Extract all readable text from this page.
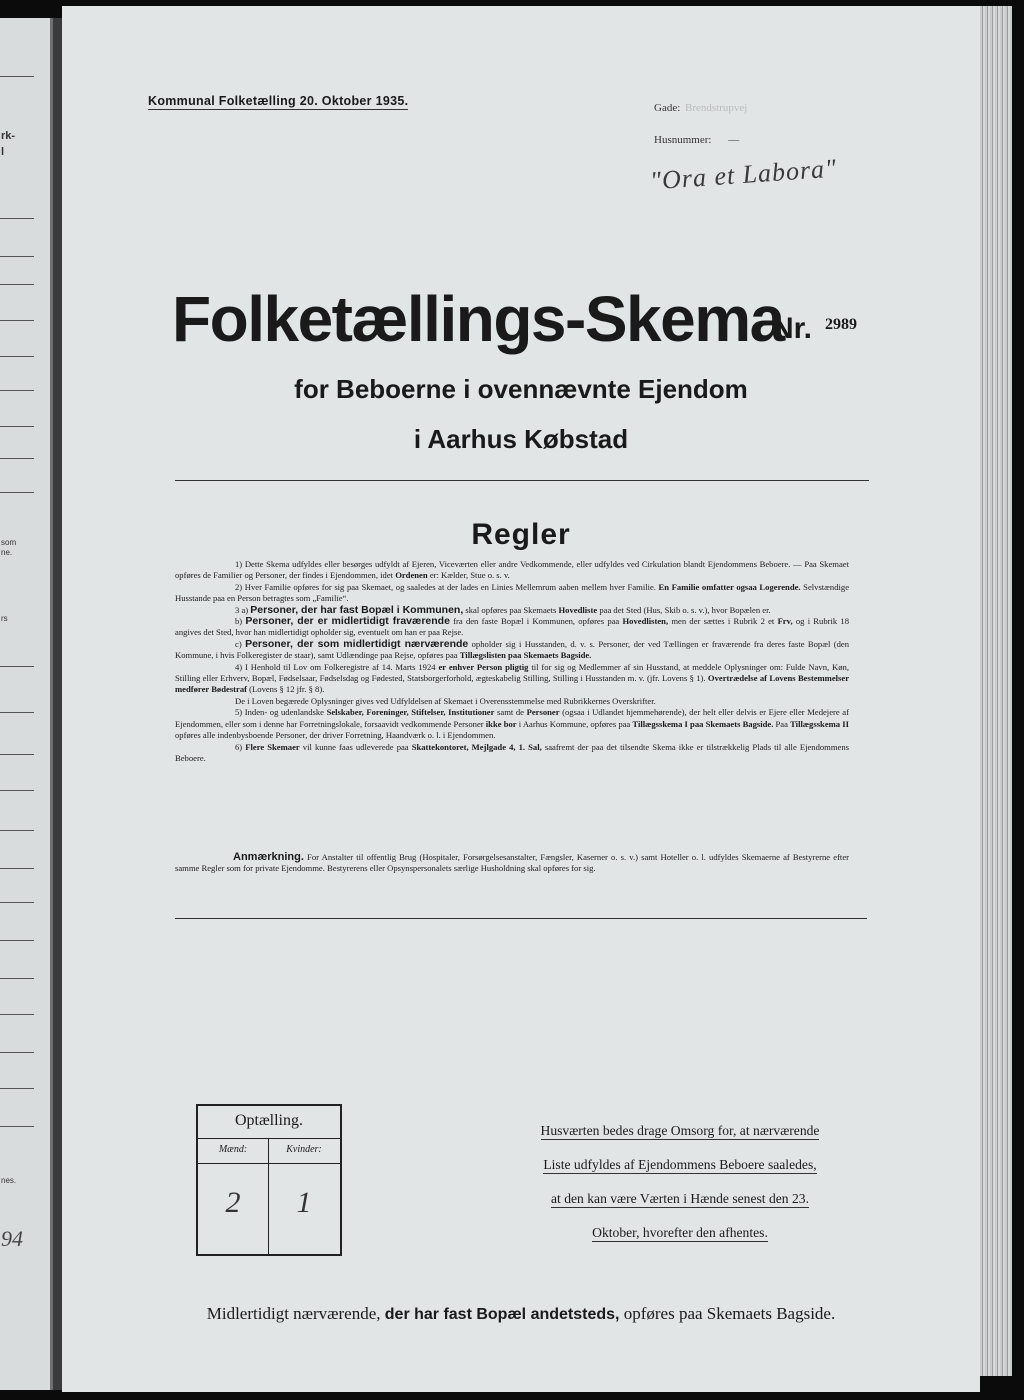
rk-
l
som
ne.
rs
nes.
94
Kommunal Folketælling 20. Oktober 1935.	Gade: Brendstrupvej
Husnummer: —
"Ora et Labora"
Folketællings-Skema
Nr. 2989
for Beboerne i ovennævnte Ejendom
i Aarhus Købstad
Regler

1) Dette Skema udfyldes eller besørges udfyldt af Ejeren, Viceværten eller andre Vedkommende, eller udfyldes ved Cirkulation blandt Ejendommens Beboere. — Paa Skemaet opføres de Familier og Personer, der findes i Ejendommen, idet Ordenen er: Kælder, Stue o. s. v.

2) Hver Familie opføres for sig paa Skemaet, og saaledes at der lades en Linies Mellemrum aaben mellem hver Familie. En Familie omfatter ogsaa Logerende. Selvstændige Husstande paa en Person betragtes som „Familie“.

3 a) Personer, der har fast Bopæl i Kommunen, skal opføres paa Skemaets Hovedliste paa det Sted (Hus, Skib o. s. v.), hvor Bopælen er.

b) Personer, der er midlertidigt fraværende fra den faste Bopæl i Kommunen, opføres paa Hovedlisten, men der sættes i Rubrik 2 et Frv, og i Rubrik 18 angives det Sted, hvor han midlertidigt opholder sig, eventuelt om han er paa Rejse.

c) Personer, der som midlertidigt nærværende opholder sig i Husstanden, d. v. s. Personer, der ved Tællingen er fraværende fra deres faste Bopæl (den Kommune, i hvis Folkeregister de staar), samt Udlændinge paa Rejse, opføres paa Tillægslisten paa Skemaets Bagside.

4) I Henhold til Lov om Folkeregistre af 14. Marts 1924 er enhver Person pligtig til for sig og Medlemmer af sin Husstand, at meddele Oplysninger om: Fulde Navn, Køn, Stilling eller Erhverv, Bopæl, Fødselsaar, Fødselsdag og Fødested, Statsborgerforhold, ægteskabelig Stilling, Stilling i Husstanden m. v. (jfr. Lovens § 1). Overtrædelse af Lovens Bestemmelser medfører Bødestraf (Lovens § 12 jfr. § 8).

De i Loven begærede Oplysninger gives ved Udfyldelsen af Skemaet i Overensstemmelse med Rubrikkernes Overskrifter.

5) Inden- og udenlandske Selskaber, Foreninger, Stiftelser, Institutioner samt de Personer (ogsaa i Udlandet hjemmehørende), der helt eller delvis er Ejere eller Medejere af Ejendommen, eller som i denne har Forretningslokale, forsaavidt vedkommende Personer ikke bor i Aarhus Kommune, opføres paa Tillægsskema I paa Skemaets Bagside. Paa Tillægsskema II opføres alle indenbysboende Personer, der driver Forretning, Haandværk o. l. i Ejendommen.

6) Flere Skemaer vil kunne faas udleverede paa Skattekontoret, Mejlgade 4, 1. Sal, saafremt der paa det tilsendte Skema ikke er tilstrækkelig Plads til alle Ejendommens Beboere.

Anmærkning. For Anstalter til offentlig Brug (Hospitaler, Forsørgelsesanstalter, Fængsler, Kaserner o. s. v.) samt Hoteller o. l. udfyldes Skemaerne af Bestyrerne efter samme Regler som for private Ejendomme. Bestyrerens eller Opsynspersonalets særlige Husholdning skal opføres for sig.

Optælling.
Mænd:	Kvinder:
2	1
Husværten bedes drage Omsorg for, at nærværende
Liste udfyldes af Ejendommens Beboere saaledes,
at den kan være Værten i Hænde senest den 23.
Oktober, hvorefter den afhentes.
Midlertidigt nærværende, der har fast Bopæl andetsteds, opføres paa Skemaets Bagside.
